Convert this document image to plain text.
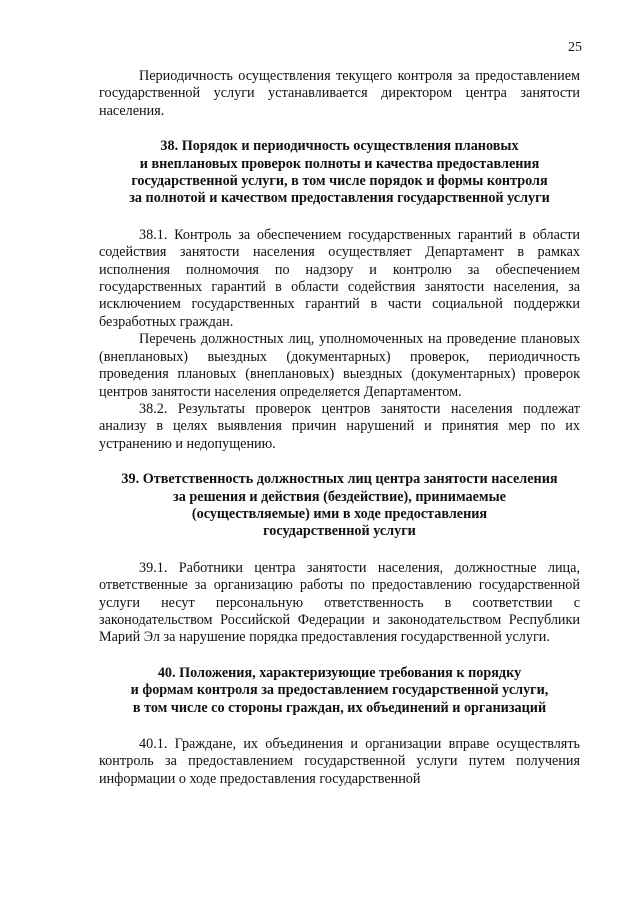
25

Периодичность осуществления текущего контроля за предоставлением государственной услуги устанавливается директором центра занятости населения.

38. Порядок и периодичность осуществления плановых
и внеплановых проверок полноты и качества предоставления
государственной услуги, в том числе порядок и формы контроля
за полнотой и качеством предоставления государственной услуги

38.1. Контроль за обеспечением государственных гарантий в области содействия занятости населения осуществляет Департамент в рамках исполнения полномочия по надзору и контролю за обеспечением государственных гарантий в области содействия занятости населения, за исключением государственных гарантий в части социальной поддержки безработных граждан.

Перечень должностных лиц, уполномоченных на проведение плановых (внеплановых) выездных (документарных) проверок, периодичность проведения плановых (внеплановых) выездных (документарных) проверок центров занятости населения определяется Департаментом.

38.2. Результаты проверок центров занятости населения подлежат анализу в целях выявления причин нарушений и принятия мер по их устранению и недопущению.

39. Ответственность должностных лиц центра занятости населения
за решения и действия (бездействие), принимаемые
(осуществляемые) ими в ходе предоставления
государственной услуги

39.1. Работники центра занятости населения, должностные лица, ответственные за организацию работы по предоставлению государственной услуги несут персональную ответственность в соответствии с законодательством Российской Федерации и законодательством Республики Марий Эл за нарушение порядка предоставления государственной услуги.

40. Положения, характеризующие требования к порядку
и формам контроля за предоставлением государственной услуги,
в том числе со стороны граждан, их объединений и организаций

40.1. Граждане, их объединения и организации вправе осуществлять контроль за предоставлением государственной услуги путем получения информации о ходе предоставления государственной
